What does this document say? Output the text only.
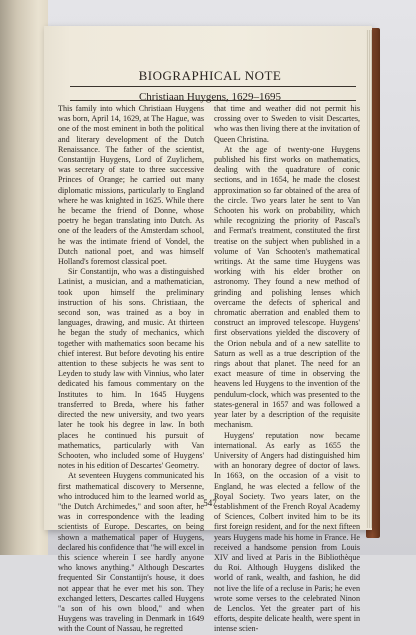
BIOGRAPHICAL NOTE
Christiaan Huygens, 1629–1695

This family into which Christiaan Huygens was born, April 14, 1629, at The Hague, was one of the most eminent in both the political and literary development of the Dutch Renaissance. The father of the scientist, Constantijn Huygens, Lord of Zuylichem, was secretary of state to three successive Princes of Orange; he carried out many diplomatic missions, particularly to England where he was knighted in 1625. While there he became the friend of Donne, whose poetry he began translating into Dutch. As one of the leaders of the Amsterdam school, he was the intimate friend of Vondel, the Dutch national poet, and was himself Holland's foremost classical poet.

Sir Constantijn, who was a distinguished Latinist, a musician, and a mathematician, took upon himself the preliminary instruction of his sons. Christiaan, the second son, was trained as a boy in languages, drawing, and music. At thirteen he began the study of mechanics, which together with mathematics soon became his chief interest. But before devoting his entire attention to these subjects he was sent to Leyden to study law with Vinnius, who later dedicated his famous commentary on the Institutes to him. In 1645 Huygens transferred to Breda, where his father directed the new university, and two years later he took his degree in law. In both places he continued his pursuit of mathematics, particularly with Van Schooten, who included some of Huygens' notes in his edition of Descartes' Geometry.

At seventeen Huygens communicated his first mathematical discovery to Mersenne, who introduced him to the learned world as "the Dutch Archimedes," and soon after, he was in correspondence with the leading scientists of Europe. Descartes, on being shown a mathematical paper of Huygens, declared his confidence that "he will excel in this science wherein I see hardly anyone who knows anything." Although Descartes frequented Sir Constantijn's house, it does not appear that he ever met his son. They exchanged letters, Descartes called Huygens "a son of his own blood," and when Huygens was traveling in Denmark in 1649 with the Count of Nassau, he regretted

that time and weather did not permit his crossing over to Sweden to visit Descartes, who was then living there at the invitation of Queen Christina.

At the age of twenty-one Huygens published his first works on mathematics, dealing with the quadrature of conic sections, and in 1654, he made the closest approximation so far obtained of the area of the circle. Two years later he sent to Van Schooten his work on probability, which while recognizing the priority of Pascal's and Fermat's treatment, constituted the first treatise on the subject when published in a volume of Van Schooten's mathematical writings. At the same time Huygens was working with his elder brother on astronomy. They found a new method of grinding and polishing lenses which overcame the defects of spherical and chromatic aberration and enabled them to construct an improved telescope. Huygens' first observations yielded the discovery of the Orion nebula and of a new satellite to Saturn as well as a true description of the rings about that planet. The need for an exact measure of time in observing the heavens led Huygens to the invention of the pendulum-clock, which was presented to the states-general in 1657 and was followed a year later by a description of the requisite mechanism.

Huygens' reputation now became international. As early as 1655 the University of Angers had distinguished him with an honorary degree of doctor of laws. In 1663, on the occasion of a visit to England, he was elected a fellow of the Royal Society. Two years later, on the establishment of the French Royal Academy of Sciences, Colbert invited him to be its first foreign resident, and for the next fifteen years Huygens made his home in France. He received a handsome pension from Louis XIV and lived at Paris in the Bibliothèque du Roi. Although Huygens disliked the world of rank, wealth, and fashion, he did not live the life of a recluse in Paris; he even wrote some verses to the celebrated Ninon de Lenclos. Yet the greater part of his efforts, despite delicate health, were spent in intense scien-

547
